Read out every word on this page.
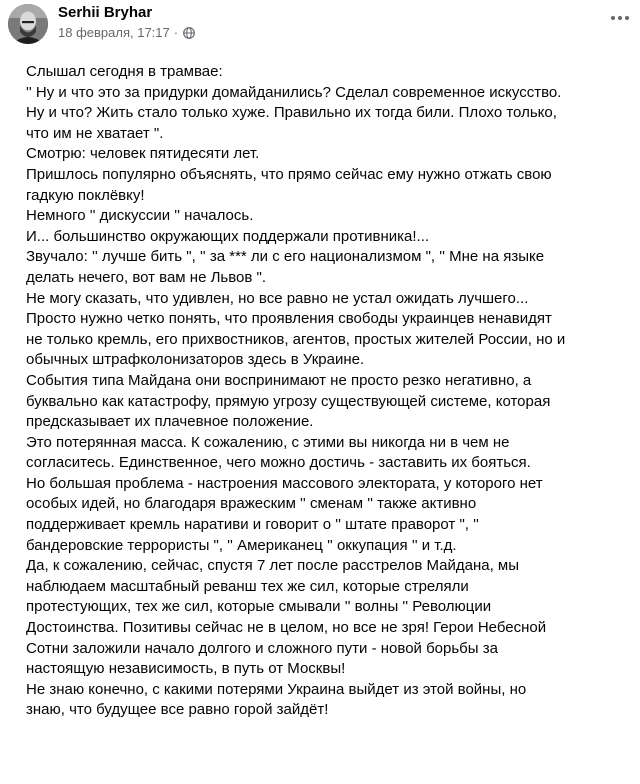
Serhii Bryhar
18 февраля, 17:17 ·

Слышал сегодня в трамвае:

'' Ну и что это за придурки домайданились? Сделал современное искусство.

Ну и что? Жить стало только хуже. Правильно их тогда били. Плохо только,

что им не хватает ".

Смотрю: человек пятидесяти лет.

Пришлось популярно объяснять, что прямо сейчас ему нужно отжать свою

гадкую поклёвку!

Немного '' дискуссии '' началось.

И... большинство окружающих поддержали противника!...

Звучало: '' лучше бить ", '' за *** ли с его национализмом ", '' Мне на языке

делать нечего, вот вам не Львов ".

Не могу сказать, что удивлен, но все равно не устал ожидать лучшего...

Просто нужно четко понять, что проявления свободы украинцев ненавидят

не только кремль, его прихвостников, агентов, простых жителей России, но и

обычных штрафколонизаторов здесь в Украине.

События типа Майдана они воспринимают не просто резко негативно, а

буквально как катастрофу, прямую угрозу существующей системе, которая

предсказывает их плачевное положение.

Это потерянная масса. К сожалению, с этими вы никогда ни в чем не

согласитесь. Единственное, чего можно достичь - заставить их бояться.

Но большая проблема - настроения массового электората, у которого нет

особых идей, но благодаря вражеским '' сменам '' также активно

поддерживает кремль наративи и говорит о '' штате праворот ", ''

бандеровские террористы ", '' Американец '' оккупация '' и т.д.

Да, к сожалению, сейчас, спустя 7 лет после расстрелов Майдана, мы

наблюдаем масштабный реванш тех же сил, которые стреляли

протестующих, тех же сил, которые смывали '' волны '' Революции

Достоинства. Позитивы сейчас не в целом, но все не зря! Герои Небесной

Сотни заложили начало долгого и сложного пути - новой борьбы за

настоящую независимость, в путь от Москвы!

Не знаю конечно, с какими потерями Украина выйдет из этой войны, но

знаю, что будущее все равно горой зайдёт!
